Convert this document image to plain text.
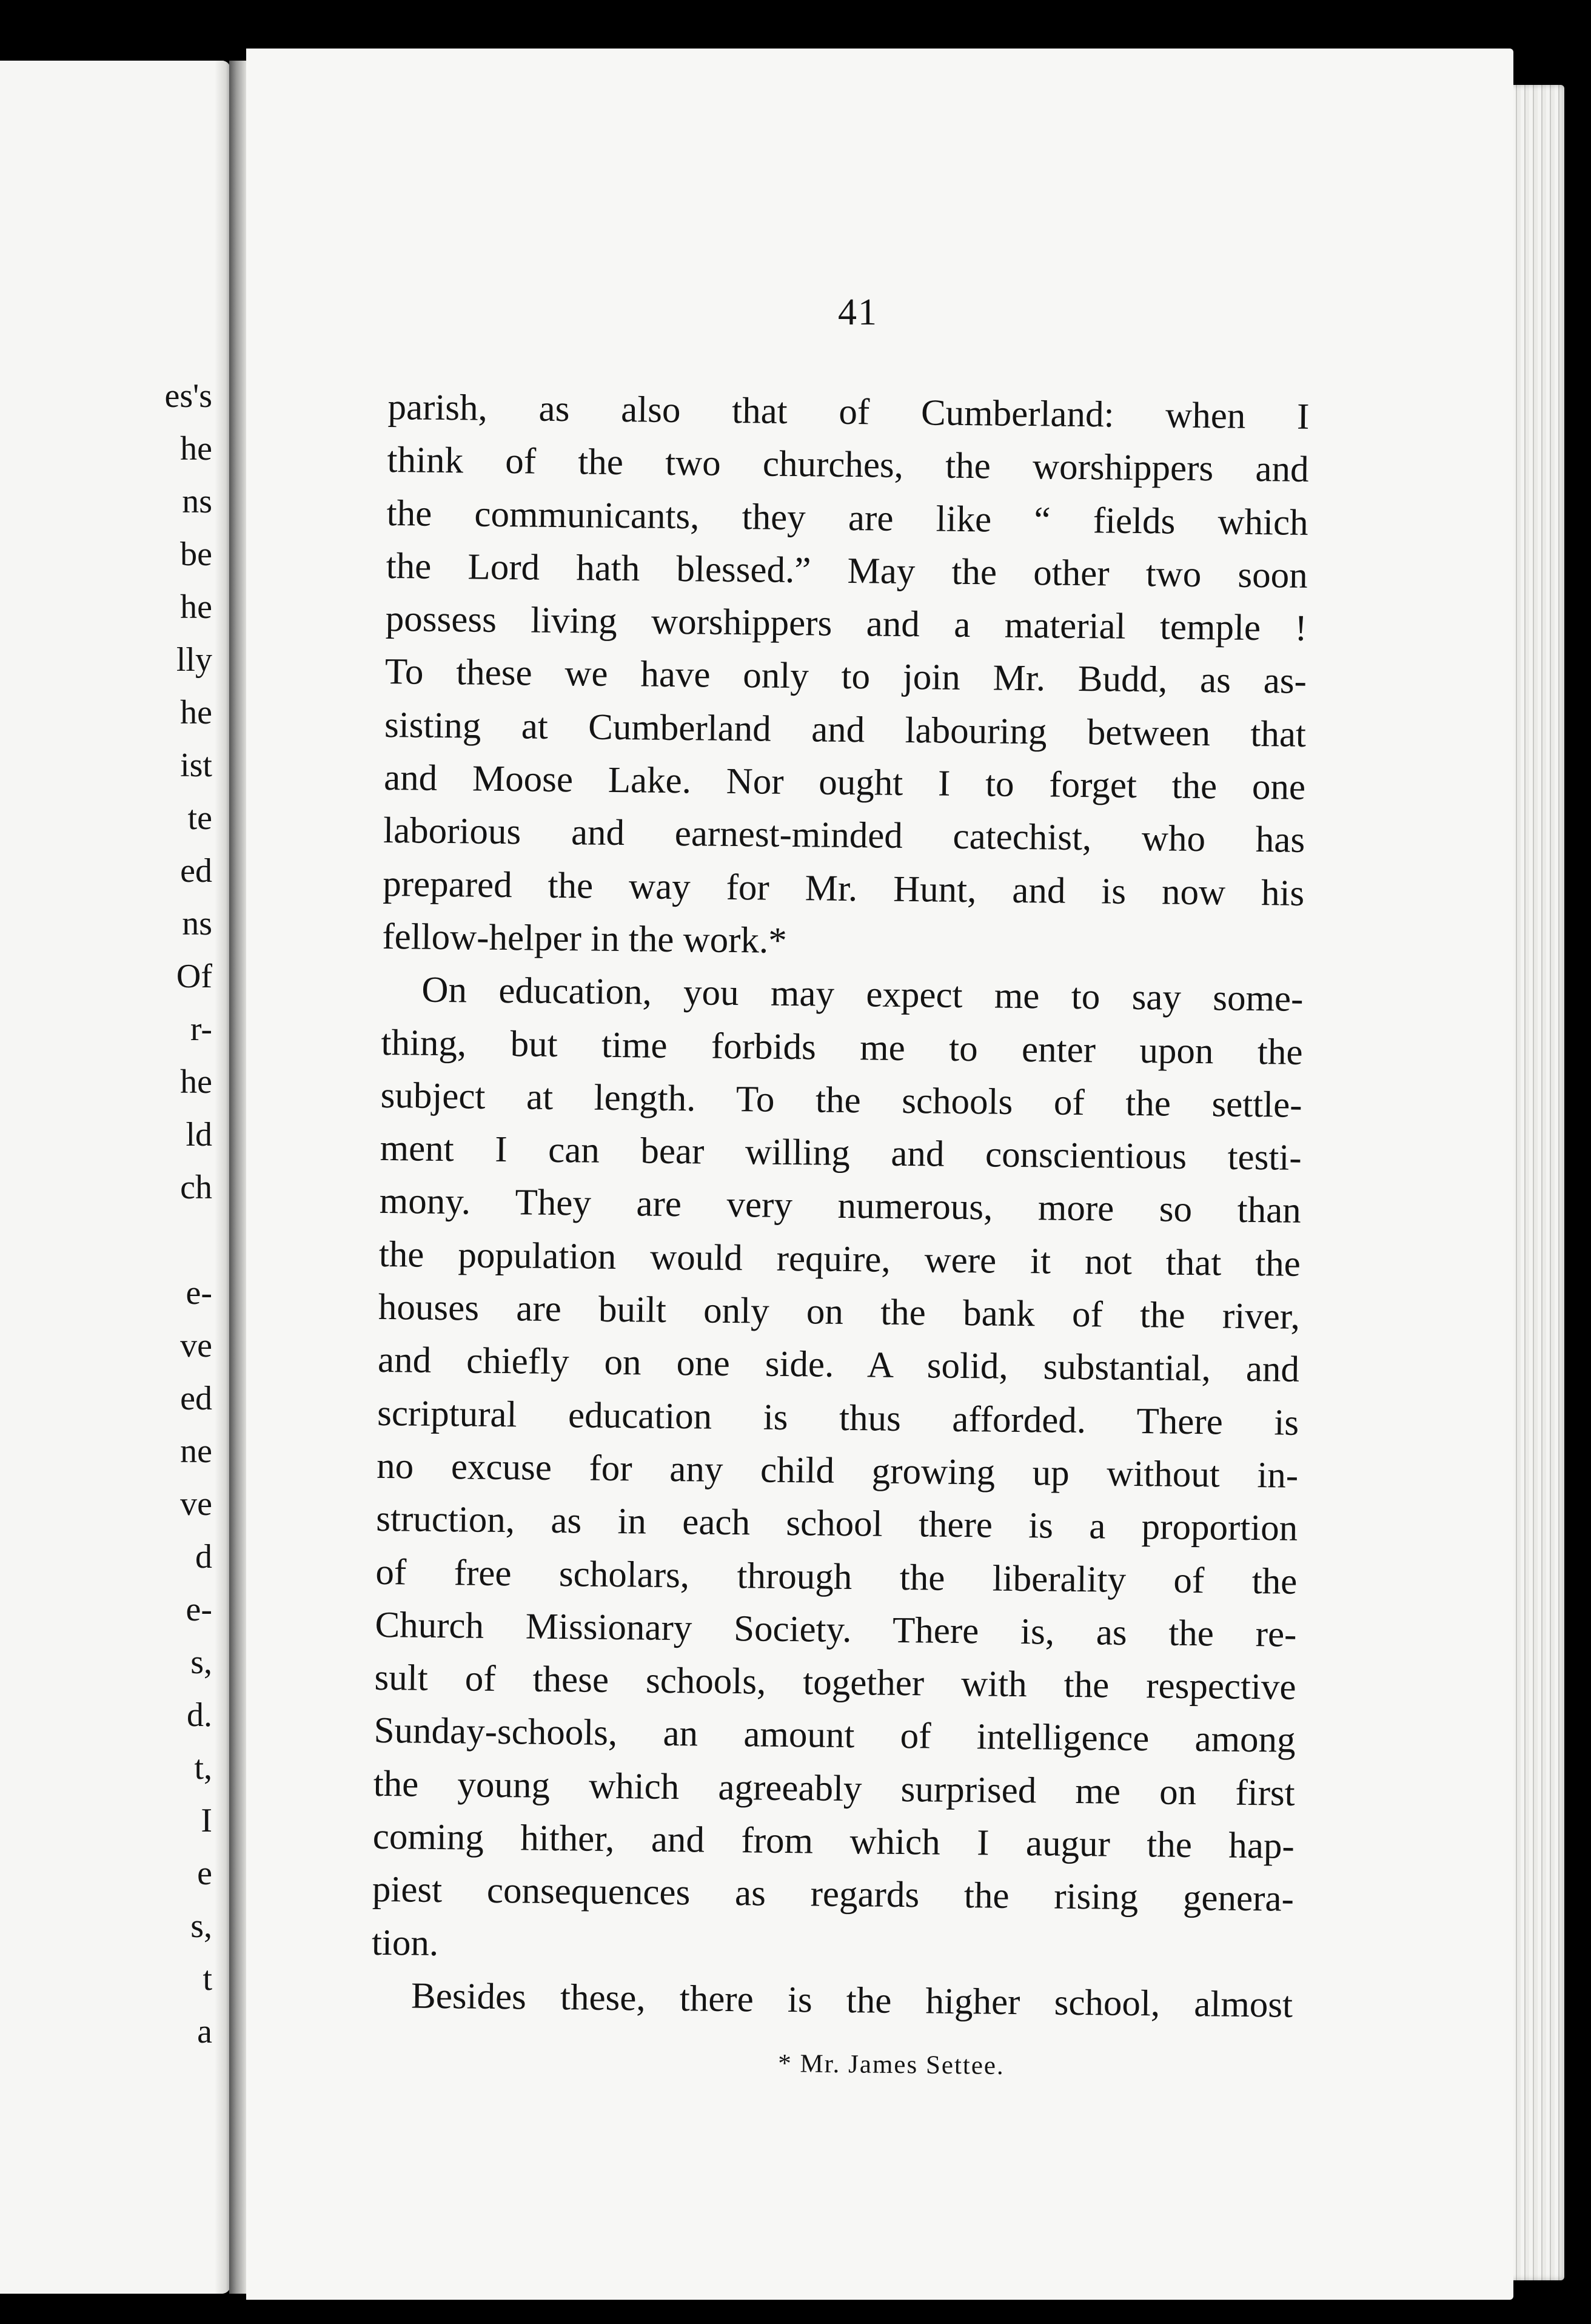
es's
he
ns
be
he
lly
he
ist
te
ed
ns
Of
r-
he
ld
ch
e-
ve
ed
ne
ve
d
e-
s,
d.
t,
I
e
s,
t
a
41
parish, as also that of Cumberland: when I
think of the two churches, the worshippers and
the communicants, they are like “ fields which
the Lord hath blessed.” May the other two soon
possess living worshippers and a material temple !
To these we have only to join Mr. Budd, as as-
sisting at Cumberland and labouring between that
and Moose Lake. Nor ought I to forget the one
laborious and earnest-minded catechist, who has
prepared the way for Mr. Hunt, and is now his
fellow-helper in the work.*
On education, you may expect me to say some-
thing, but time forbids me to enter upon the
subject at length. To the schools of the settle-
ment I can bear willing and conscientious testi-
mony. They are very numerous, more so than
the population would require, were it not that the
houses are built only on the bank of the river,
and chiefly on one side. A solid, substantial, and
scriptural education is thus afforded. There is
no excuse for any child growing up without in-
struction, as in each school there is a proportion
of free scholars, through the liberality of the
Church Missionary Society. There is, as the re-
sult of these schools, together with the respective
Sunday-schools, an amount of intelligence among
the young which agreeably surprised me on first
coming hither, and from which I augur the hap-
piest consequences as regards the rising genera-
tion.
Besides these, there is the higher school, almost
* Mr. James Settee.
